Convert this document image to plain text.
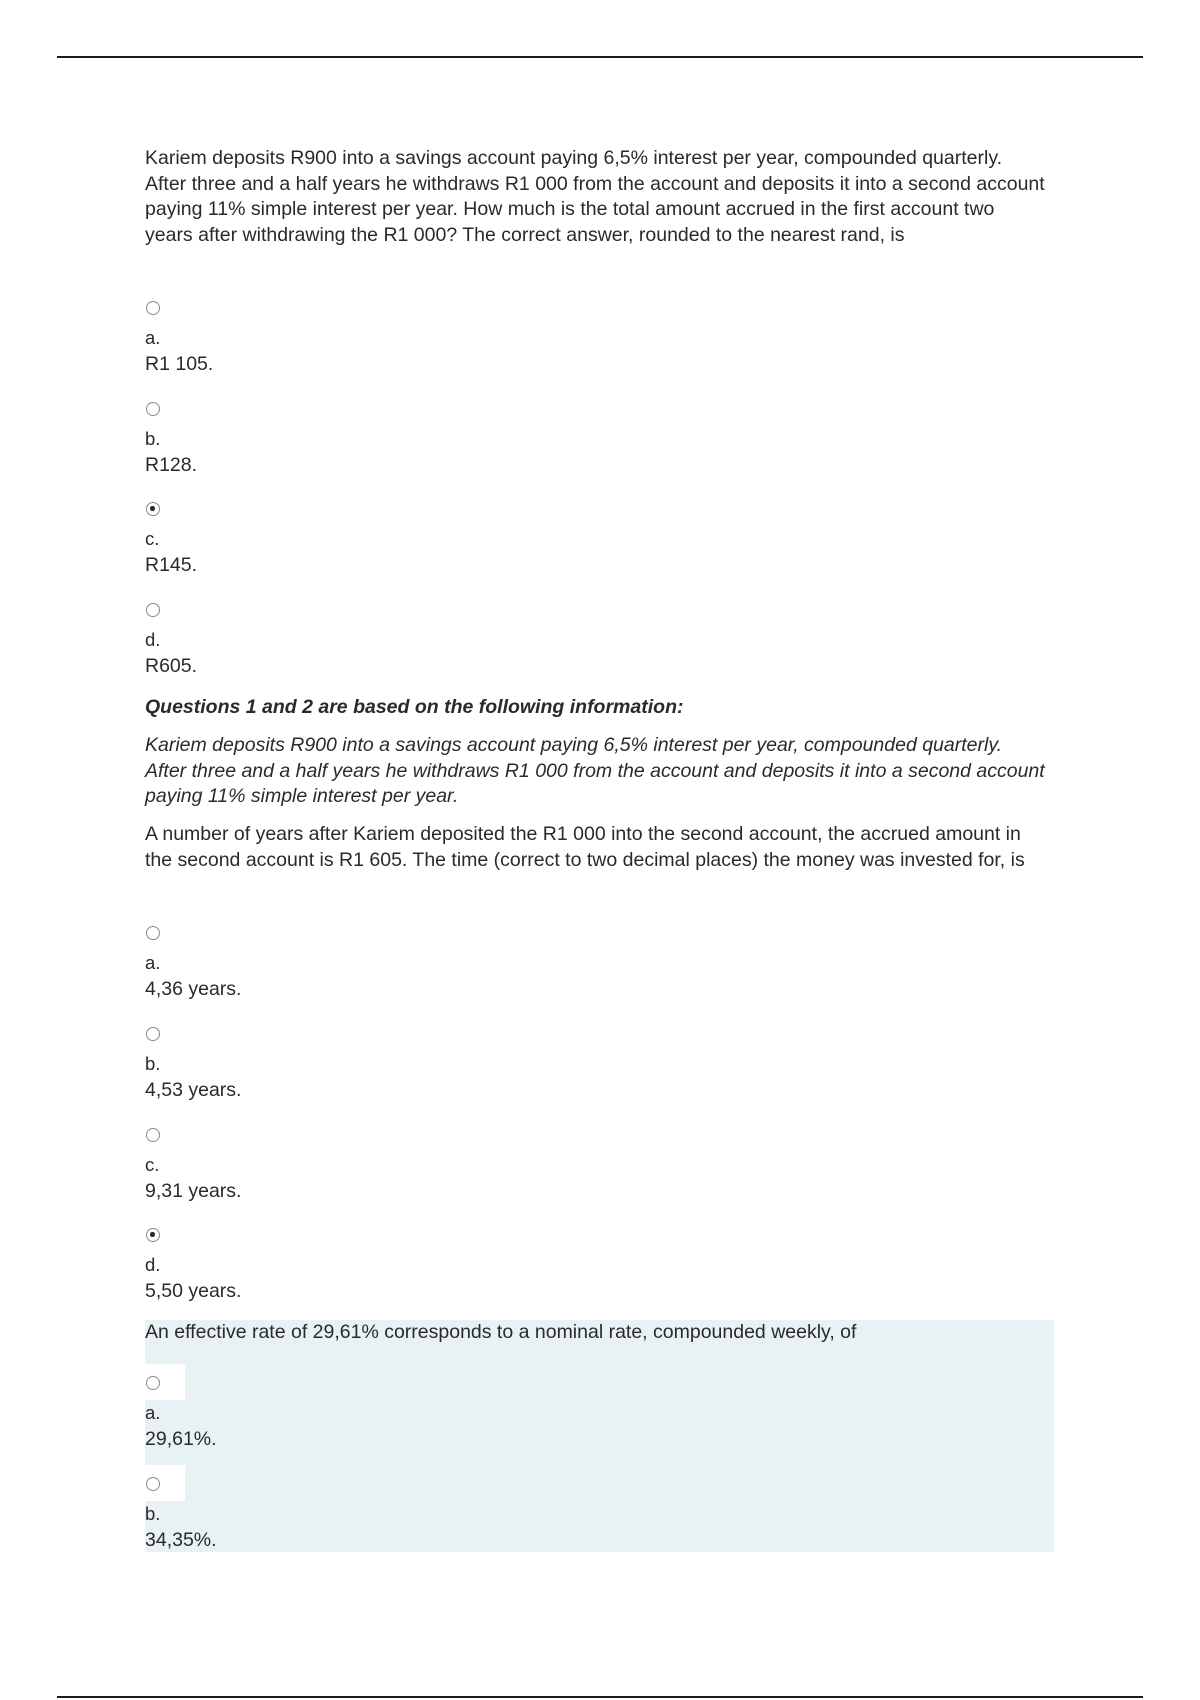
Kariem deposits R900 into a savings account paying 6,5% interest per year, compounded quarterly. After three and a half years he withdraws R1 000 from the account and deposits it into a second account paying 11% simple interest per year. How much is the total amount accrued in the first account two years after withdrawing the R1 000? The correct answer, rounded to the nearest rand, is

a.
R1 105.
b.
R128.
c.
R145.
d.
R605.

Questions 1 and 2 are based on the following information:

Kariem deposits R900 into a savings account paying 6,5% interest per year, compounded quarterly. After three and a half years he withdraws R1 000 from the account and deposits it into a second account paying 11% simple interest per year.

A number of years after Kariem deposited the R1 000 into the second account, the accrued amount in the second account is R1 605. The time (correct to two decimal places) the money was invested for, is

a.
4,36 years.
b.
4,53 years.
c.
9,31 years.
d.
5,50 years.

An effective rate of 29,61% corresponds to a nominal rate, compounded weekly, of

a.
29,61%.
b.
34,35%.
